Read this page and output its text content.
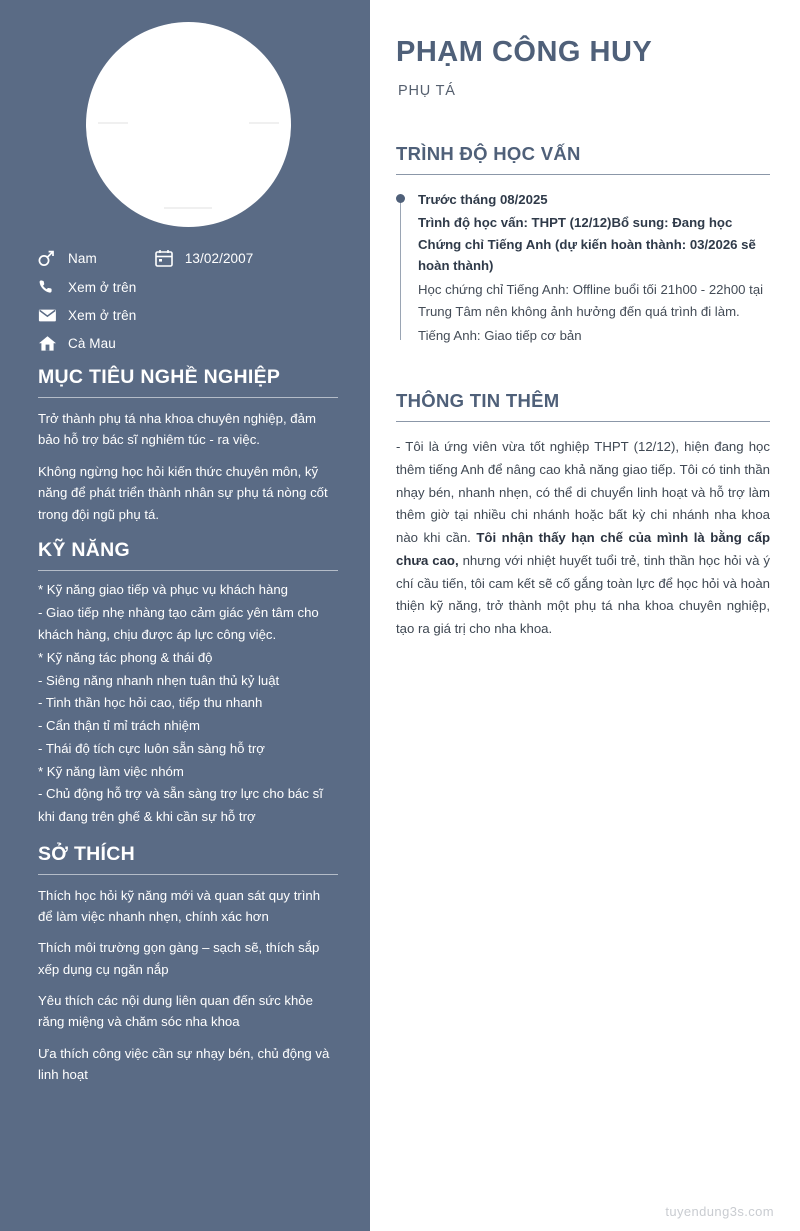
Nam	13/02/2007
Xem ở trên
Xem ở trên
Cà Mau
MỤC TIÊU NGHỀ NGHIỆP
Trở thành phụ tá nha khoa chuyên nghiệp, đảm bảo hỗ trợ bác sĩ nghiêm túc - ra việc.
Không ngừng học hỏi kiến thức chuyên môn, kỹ năng để phát triển thành nhân sự phụ tá nòng cốt trong đội ngũ phụ tá.
KỸ NĂNG
* Kỹ năng giao tiếp và phục vụ khách hàng
- Giao tiếp nhẹ nhàng tạo cảm giác yên tâm cho khách hàng, chịu được áp lực công việc.
* Kỹ năng tác phong & thái độ
- Siêng năng nhanh nhẹn tuân thủ kỷ luật
- Tinh thần học hỏi cao, tiếp thu nhanh
- Cẩn thận tỉ mỉ trách nhiệm
- Thái độ tích cực luôn sẵn sàng hỗ trợ
* Kỹ năng làm việc nhóm
- Chủ động hỗ trợ và sẵn sàng trợ lực cho bác sĩ khi đang trên ghế & khi cần sự hỗ trợ
SỞ THÍCH
Thích học hỏi kỹ năng mới và quan sát quy trình để làm việc nhanh nhẹn, chính xác hơn
Thích môi trường gọn gàng – sạch sẽ, thích sắp xếp dụng cụ ngăn nắp
Yêu thích các nội dung liên quan đến sức khỏe răng miệng và chăm sóc nha khoa
Ưa thích công việc cần sự nhạy bén, chủ động và linh hoạt
PHẠM CÔNG HUY
PHỤ TÁ
TRÌNH ĐỘ HỌC VẤN
Trước tháng 08/2025
Trình độ học vấn: THPT (12/12)Bổ sung: Đang học Chứng chỉ Tiếng Anh (dự kiến hoàn thành: 03/2026 sẽ hoàn thành)
Học chứng chỉ Tiếng Anh: Offline buổi tối 21h00 - 22h00 tại Trung Tâm nên không ảnh hưởng đến quá trình đi làm.
Tiếng Anh: Giao tiếp cơ bản
THÔNG TIN THÊM
- Tôi là ứng viên vừa tốt nghiệp THPT (12/12), hiện đang học thêm tiếng Anh để nâng cao khả năng giao tiếp. Tôi có tinh thần nhạy bén, nhanh nhẹn, có thể di chuyển linh hoạt và hỗ trợ làm thêm giờ tại nhiều chi nhánh hoặc bất kỳ chi nhánh nha khoa nào khi cần. Tôi nhận thấy hạn chế của mình là bằng cấp chưa cao, nhưng với nhiệt huyết tuổi trẻ, tinh thần học hỏi và ý chí cầu tiến, tôi cam kết sẽ cố gắng toàn lực để học hỏi và hoàn thiện kỹ năng, trở thành một phụ tá nha khoa chuyên nghiệp, tạo ra giá trị cho nha khoa.
tuyendung3s.com
